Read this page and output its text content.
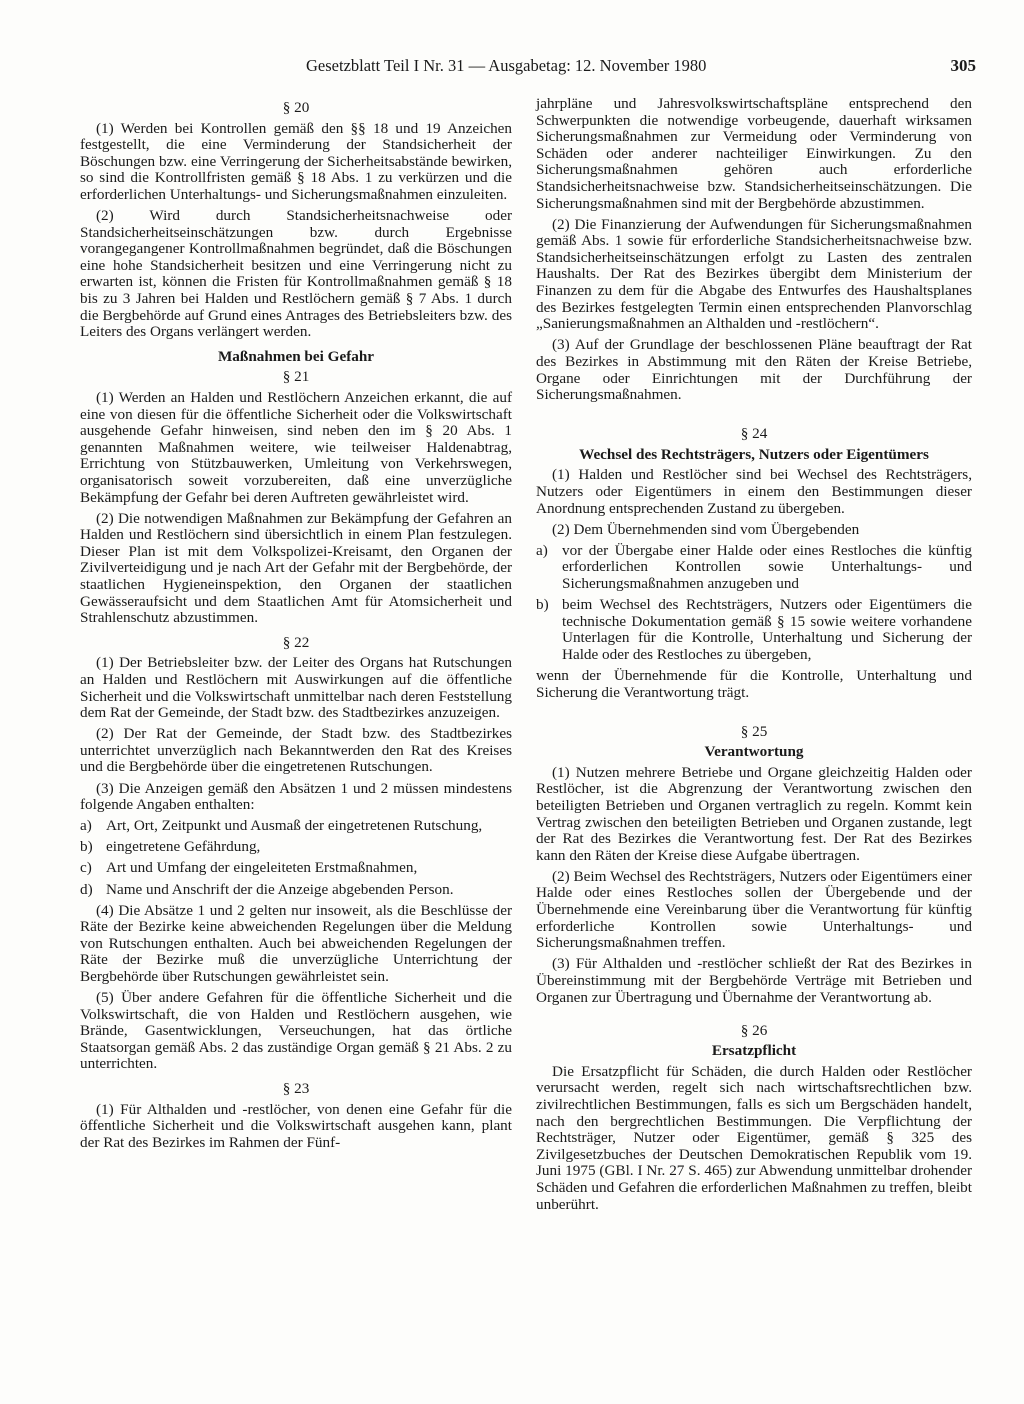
Gesetzblatt Teil I Nr. 31 — Ausgabetag: 12. November 1980	305
§ 20

(1) Werden bei Kontrollen gemäß den §§ 18 und 19 Anzeichen festgestellt, die eine Verminderung der Standsicherheit der Böschungen bzw. eine Verringerung der Sicherheitsabstände bewirken, so sind die Kontrollfristen gemäß § 18 Abs. 1 zu verkürzen und die erforderlichen Unterhaltungs- und Sicherungsmaßnahmen einzuleiten.

(2) Wird durch Standsicherheitsnachweise oder Standsicherheitseinschätzungen bzw. durch Ergebnisse vorangegangener Kontrollmaßnahmen begründet, daß die Böschungen eine hohe Standsicherheit besitzen und eine Verringerung nicht zu erwarten ist, können die Fristen für Kontrollmaßnahmen gemäß § 18 bis zu 3 Jahren bei Halden und Restlöchern gemäß § 7 Abs. 1 durch die Bergbehörde auf Grund eines Antrages des Betriebsleiters bzw. des Leiters des Organs verlängert werden.

Maßnahmen bei Gefahr
§ 21

(1) Werden an Halden und Restlöchern Anzeichen erkannt, die auf eine von diesen für die öffentliche Sicherheit oder die Volkswirtschaft ausgehende Gefahr hinweisen, sind neben den im § 20 Abs. 1 genannten Maßnahmen weitere, wie teilweiser Haldenabtrag, Errichtung von Stützbauwerken, Umleitung von Verkehrswegen, organisatorisch soweit vorzubereiten, daß eine unverzügliche Bekämpfung der Gefahr bei deren Auftreten gewährleistet wird.

(2) Die notwendigen Maßnahmen zur Bekämpfung der Gefahren an Halden und Restlöchern sind übersichtlich in einem Plan festzulegen. Dieser Plan ist mit dem Volkspolizei-Kreisamt, den Organen der Zivilverteidigung und je nach Art der Gefahr mit der Bergbehörde, der staatlichen Hygieneinspektion, den Organen der staatlichen Gewässeraufsicht und dem Staatlichen Amt für Atomsicherheit und Strahlenschutz abzustimmen.

§ 22

(1) Der Betriebsleiter bzw. der Leiter des Organs hat Rutschungen an Halden und Restlöchern mit Auswirkungen auf die öffentliche Sicherheit und die Volkswirtschaft unmittelbar nach deren Feststellung dem Rat der Gemeinde, der Stadt bzw. des Stadtbezirkes anzuzeigen.

(2) Der Rat der Gemeinde, der Stadt bzw. des Stadtbezirkes unterrichtet unverzüglich nach Bekanntwerden den Rat des Kreises und die Bergbehörde über die eingetretenen Rutschungen.

(3) Die Anzeigen gemäß den Absätzen 1 und 2 müssen mindestens folgende Angaben enthalten:

a) Art, Ort, Zeitpunkt und Ausmaß der eingetretenen Rutschung,
b) eingetretene Gefährdung,
c) Art und Umfang der eingeleiteten Erstmaßnahmen,
d) Name und Anschrift der die Anzeige abgebenden Person.

(4) Die Absätze 1 und 2 gelten nur insoweit, als die Beschlüsse der Räte der Bezirke keine abweichenden Regelungen über die Meldung von Rutschungen enthalten. Auch bei abweichenden Regelungen der Räte der Bezirke muß die unverzügliche Unterrichtung der Bergbehörde über Rutschungen gewährleistet sein.

(5) Über andere Gefahren für die öffentliche Sicherheit und die Volkswirtschaft, die von Halden und Restlöchern ausgehen, wie Brände, Gasentwicklungen, Verseuchungen, hat das örtliche Staatsorgan gemäß Abs. 2 das zuständige Organ gemäß § 21 Abs. 2 zu unterrichten.

§ 23

(1) Für Althalden und -restlöcher, von denen eine Gefahr für die öffentliche Sicherheit und die Volkswirtschaft ausgehen kann, plant der Rat des Bezirkes im Rahmen der Fünf-

jahrpläne und Jahresvolkswirtschaftspläne entsprechend den Schwerpunkten die notwendige vorbeugende, dauerhaft wirksamen Sicherungsmaßnahmen zur Vermeidung oder Verminderung von Schäden oder anderer nachteiliger Einwirkungen. Zu den Sicherungsmaßnahmen gehören auch erforderliche Standsicherheitsnachweise bzw. Standsicherheitseinschätzungen. Die Sicherungsmaßnahmen sind mit der Bergbehörde abzustimmen.

(2) Die Finanzierung der Aufwendungen für Sicherungsmaßnahmen gemäß Abs. 1 sowie für erforderliche Standsicherheitsnachweise bzw. Standsicherheitseinschätzungen erfolgt zu Lasten des zentralen Haushalts. Der Rat des Bezirkes übergibt dem Ministerium der Finanzen zu dem für die Abgabe des Entwurfes des Haushaltsplanes des Bezirkes festgelegten Termin einen entsprechenden Planvorschlag „Sanierungsmaßnahmen an Althalden und -restlöchern“.

(3) Auf der Grundlage der beschlossenen Pläne beauftragt der Rat des Bezirkes in Abstimmung mit den Räten der Kreise Betriebe, Organe oder Einrichtungen mit der Durchführung der Sicherungsmaßnahmen.

§ 24
Wechsel des Rechtsträgers, Nutzers oder Eigentümers

(1) Halden und Restlöcher sind bei Wechsel des Rechtsträgers, Nutzers oder Eigentümers in einem den Bestimmungen dieser Anordnung entsprechenden Zustand zu übergeben.

(2) Dem Übernehmenden sind vom Übergebenden

a) vor der Übergabe einer Halde oder eines Restloches die künftig erforderlichen Kontrollen sowie Unterhaltungs- und Sicherungsmaßnahmen anzugeben und
b) beim Wechsel des Rechtsträgers, Nutzers oder Eigentümers die technische Dokumentation gemäß § 15 sowie weitere vorhandene Unterlagen für die Kontrolle, Unterhaltung und Sicherung der Halde oder des Restloches zu übergeben,

wenn der Übernehmende für die Kontrolle, Unterhaltung und Sicherung die Verantwortung trägt.

§ 25
Verantwortung

(1) Nutzen mehrere Betriebe und Organe gleichzeitig Halden oder Restlöcher, ist die Abgrenzung der Verantwortung zwischen den beteiligten Betrieben und Organen vertraglich zu regeln. Kommt kein Vertrag zwischen den beteiligten Betrieben und Organen zustande, legt der Rat des Bezirkes die Verantwortung fest. Der Rat des Bezirkes kann den Räten der Kreise diese Aufgabe übertragen.

(2) Beim Wechsel des Rechtsträgers, Nutzers oder Eigentümers einer Halde oder eines Restloches sollen der Übergebende und der Übernehmende eine Vereinbarung über die Verantwortung für künftig erforderliche Kontrollen sowie Unterhaltungs- und Sicherungsmaßnahmen treffen.

(3) Für Althalden und -restlöcher schließt der Rat des Bezirkes in Übereinstimmung mit der Bergbehörde Verträge mit Betrieben und Organen zur Übertragung und Übernahme der Verantwortung ab.

§ 26
Ersatzpflicht

Die Ersatzpflicht für Schäden, die durch Halden oder Restlöcher verursacht werden, regelt sich nach wirtschaftsrechtlichen bzw. zivilrechtlichen Bestimmungen, falls es sich um Bergschäden handelt, nach den bergrechtlichen Bestimmungen. Die Verpflichtung der Rechtsträger, Nutzer oder Eigentümer, gemäß § 325 des Zivilgesetzbuches der Deutschen Demokratischen Republik vom 19. Juni 1975 (GBl. I Nr. 27 S. 465) zur Abwendung unmittelbar drohender Schäden und Gefahren die erforderlichen Maßnahmen zu treffen, bleibt unberührt.
